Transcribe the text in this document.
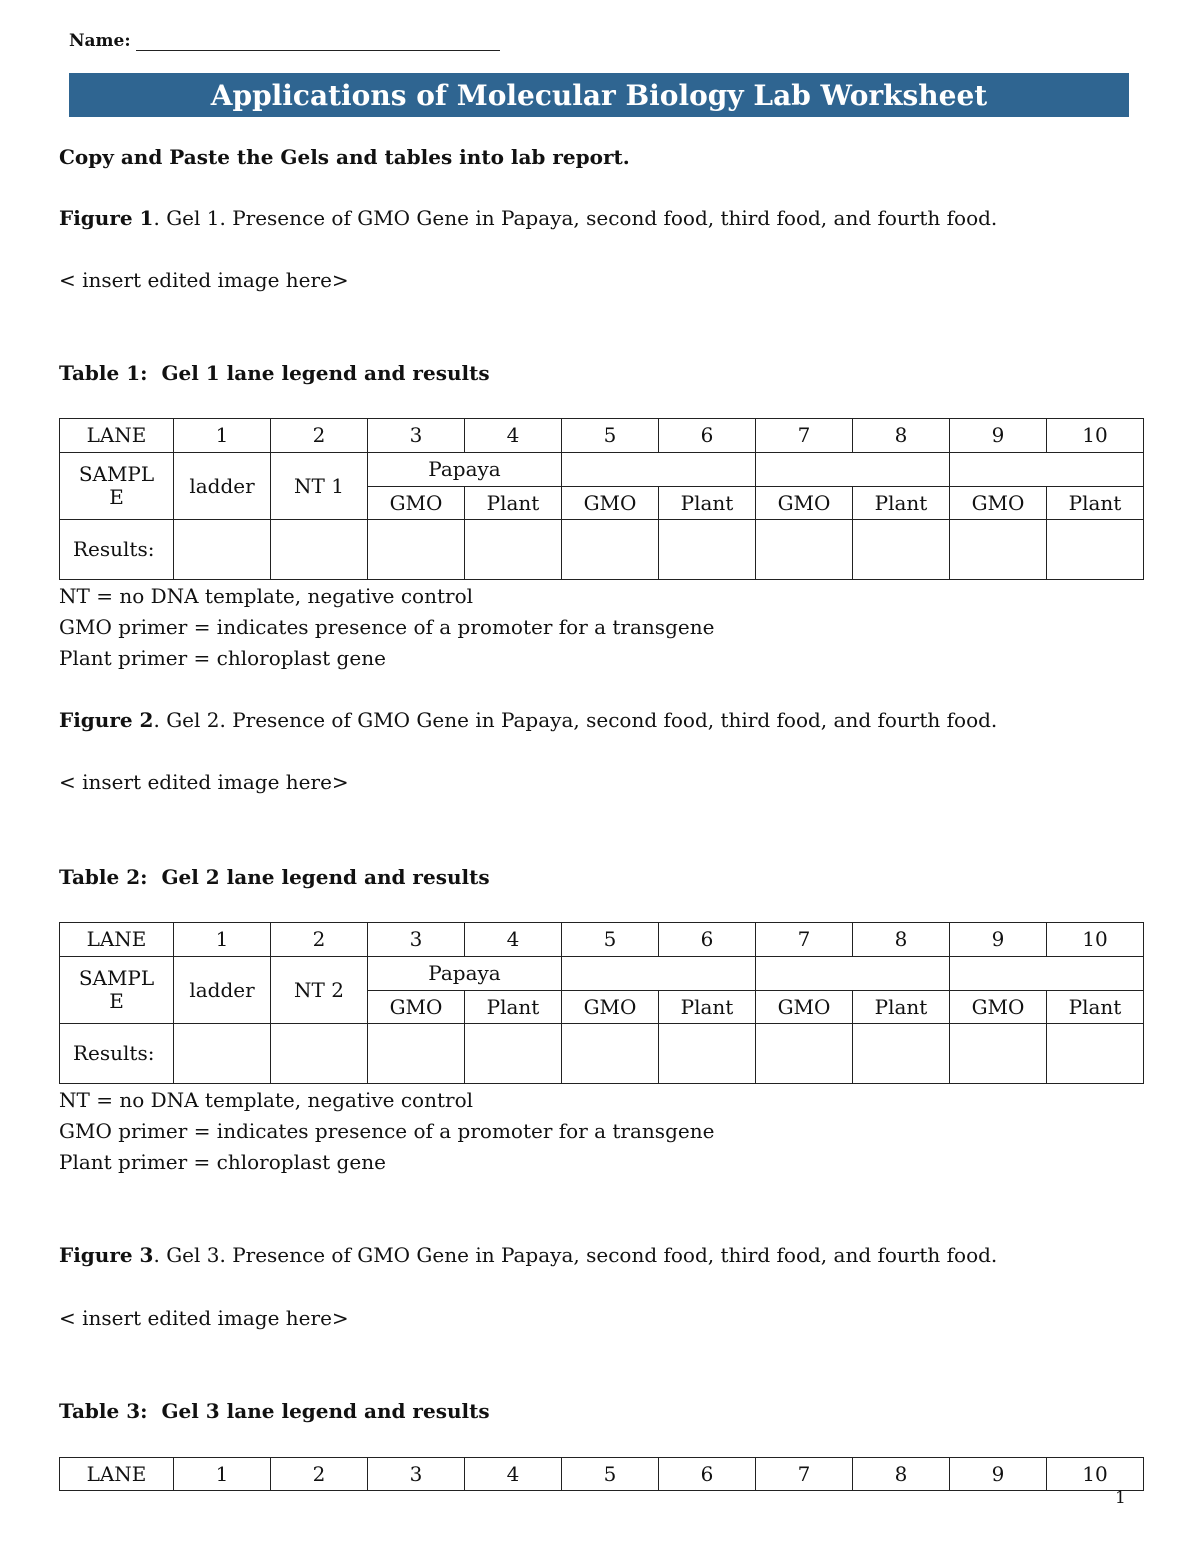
Name:
Applications of Molecular Biology Lab Worksheet
Copy and Paste the Gels and tables into lab report.
Figure 1. Gel 1. Presence of GMO Gene in Papaya, second food, third food, and fourth food.
< insert edited image here>
Table 1: Gel 1 lane legend and results
LANE	1	2	3	4	5	6	7	8	9	10
SAMPL
E	ladder	NT 1	Papaya							
			GMO	Plant	GMO	Plant	GMO	Plant	GMO	Plant
Results:										
NT = no DNA template, negative control
GMO primer = indicates presence of a promoter for a transgene
Plant primer = chloroplast gene
Figure 2. Gel 2. Presence of GMO Gene in Papaya, second food, third food, and fourth food.
< insert edited image here>
Table 2: Gel 2 lane legend and results
LANE	1	2	3	4	5	6	7	8	9	10
SAMPL
E	ladder	NT 2	Papaya							
			GMO	Plant	GMO	Plant	GMO	Plant	GMO	Plant
Results:										
NT = no DNA template, negative control
GMO primer = indicates presence of a promoter for a transgene
Plant primer = chloroplast gene
Figure 3. Gel 3. Presence of GMO Gene in Papaya, second food, third food, and fourth food.
< insert edited image here>
Table 3: Gel 3 lane legend and results
LANE	1	2	3	4	5	6	7	8	9	10
1
